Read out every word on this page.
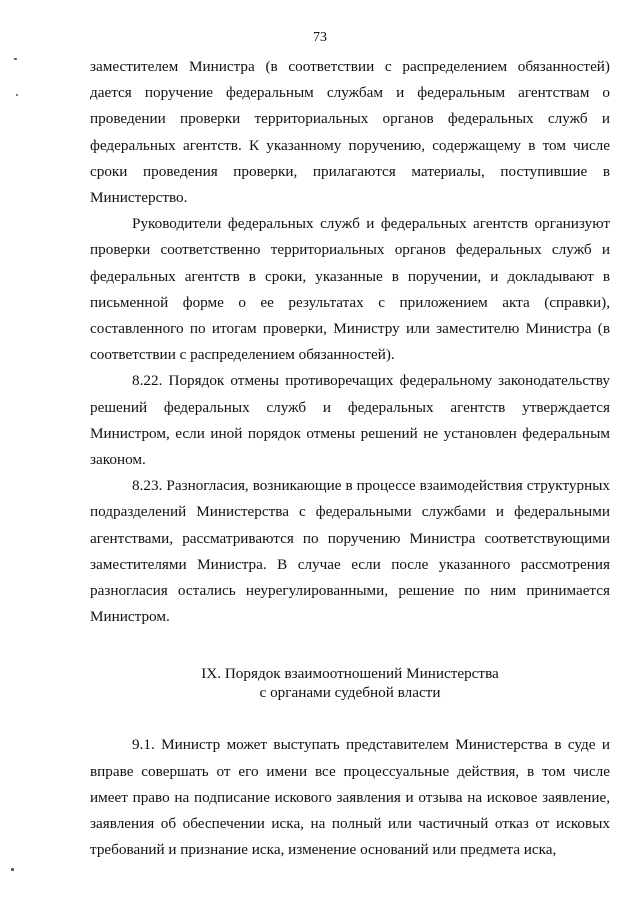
73

заместителем Министра (в соответствии с распределением обязанностей) дается поручение федеральным службам и федеральным агентствам о проведении проверки территориальных органов федеральных служб и федеральных агентств. К указанному поручению, содержащему в том числе сроки проведения проверки, прилагаются материалы, поступившие в Министерство.

Руководители федеральных служб и федеральных агентств организуют проверки соответственно территориальных органов федеральных служб и федеральных агентств в сроки, указанные в поручении, и докладывают в письменной форме о ее результатах с приложением акта (справки), составленного по итогам проверки, Министру или заместителю Министра (в соответствии с распределением обязанностей).

8.22. Порядок отмены противоречащих федеральному законодательству решений федеральных служб и федеральных агентств утверждается Министром, если иной порядок отмены решений не установлен федеральным законом.

8.23. Разногласия, возникающие в процессе взаимодействия структурных подразделений Министерства с федеральными службами и федеральными агентствами, рассматриваются по поручению Министра соответствующими заместителями Министра. В случае если после указанного рассмотрения разногласия остались неурегулированными, решение по ним принимается Министром.

IX. Порядок взаимоотношений Министерства
с органами судебной власти

9.1. Министр может выступать представителем Министерства в суде и вправе совершать от его имени все процессуальные действия, в том числе имеет право на подписание искового заявления и отзыва на исковое заявление, заявления об обеспечении иска, на полный или частичный отказ от исковых требований и признание иска, изменение оснований или предмета иска,
